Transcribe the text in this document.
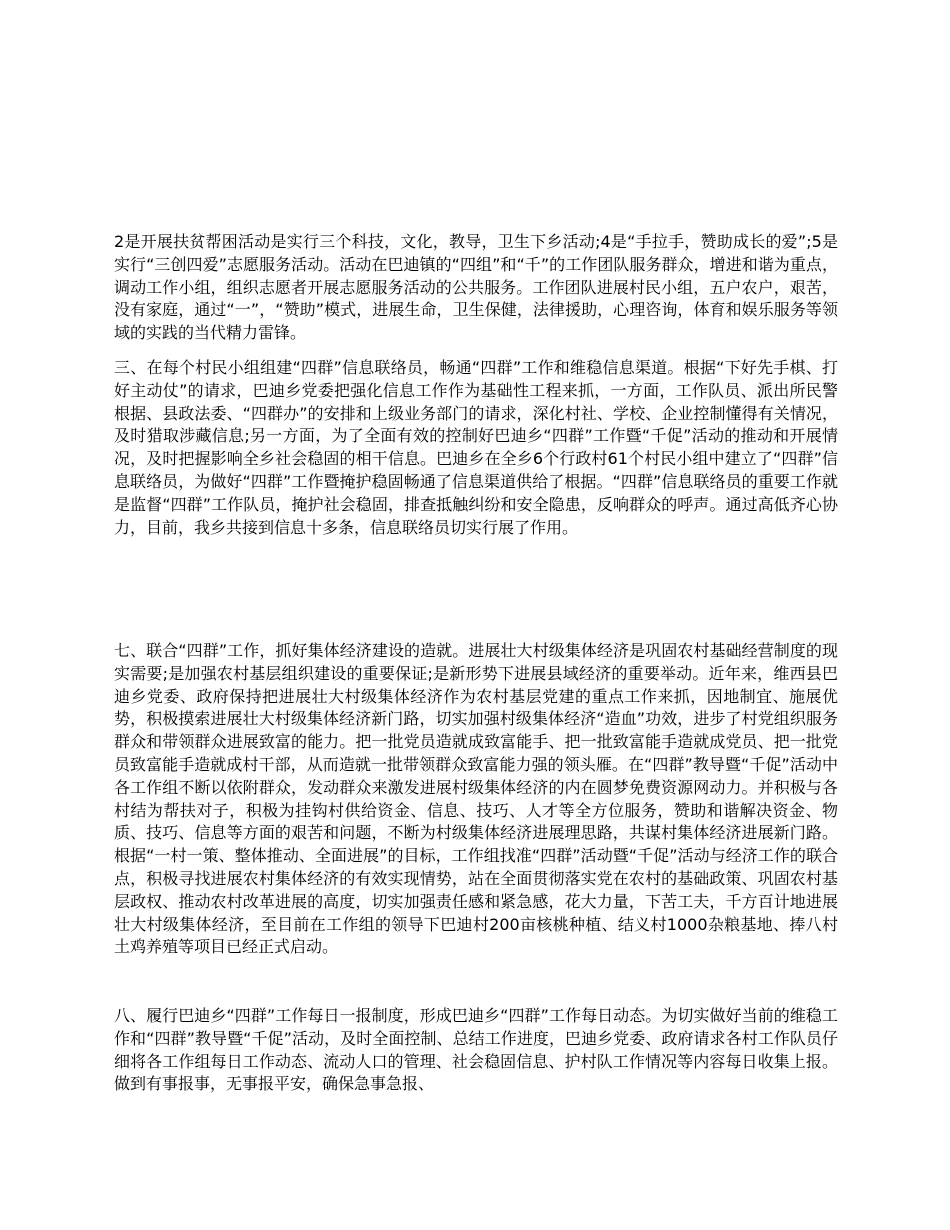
2是开展扶贫帮困活动是实行三个科技，文化，教导，卫生下乡活动;4是“手拉手，赞助成长的爱”;5是实行“三创四爱”志愿服务活动。活动在巴迪镇的“四组”和“千”的工作团队服务群众，增进和谐为重点，调动工作小组，组织志愿者开展志愿服务活动的公共服务。工作团队进展村民小组，五户农户，艰苦，没有家庭，通过“一”，“赞助”模式，进展生命，卫生保健，法律援助，心理咨询，体育和娱乐服务等领域的实践的当代精力雷锋。

三、在每个村民小组组建“四群”信息联络员，畅通“四群”工作和维稳信息渠道。根据“下好先手棋、打好主动仗”的请求，巴迪乡党委把强化信息工作作为基础性工程来抓，一方面，工作队员、派出所民警根据、县政法委、“四群办”的安排和上级业务部门的请求，深化村社、学校、企业控制懂得有关情况，及时猎取涉藏信息;另一方面，为了全面有效的控制好巴迪乡“四群”工作暨“千促”活动的推动和开展情况，及时把握影响全乡社会稳固的相干信息。巴迪乡在全乡6个行政村61个村民小组中建立了“四群”信息联络员，为做好“四群”工作暨掩护稳固畅通了信息渠道供给了根据。“四群”信息联络员的重要工作就是监督“四群”工作队员，掩护社会稳固，排查抵触纠纷和安全隐患，反响群众的呼声。通过高低齐心协力，目前，我乡共接到信息十多条，信息联络员切实行展了作用。

七、联合“四群”工作，抓好集体经济建设的造就。进展壮大村级集体经济是巩固农村基础经营制度的现实需要;是加强农村基层组织建设的重要保证;是新形势下进展县域经济的重要举动。近年来，维西县巴迪乡党委、政府保持把进展壮大村级集体经济作为农村基层党建的重点工作来抓，因地制宜、施展优势，积极摸索进展壮大村级集体经济新门路，切实加强村级集体经济“造血”功效，进步了村党组织服务群众和带领群众进展致富的能力。把一批党员造就成致富能手、把一批致富能手造就成党员、把一批党员致富能手造就成村干部，从而造就一批带领群众致富能力强的领头雁。在“四群”教导暨“千促”活动中各工作组不断以依附群众，发动群众来激发进展村级集体经济的内在圆梦免费资源网动力。并积极与各村结为帮扶对子，积极为挂钩村供给资金、信息、技巧、人才等全方位服务，赞助和谐解决资金、物质、技巧、信息等方面的艰苦和问题，不断为村级集体经济进展理思路，共谋村集体经济进展新门路。根据“一村一策、整体推动、全面进展”的目标，工作组找准“四群”活动暨“千促”活动与经济工作的联合点，积极寻找进展农村集体经济的有效实现情势，站在全面贯彻落实党在农村的基础政策、巩固农村基层政权、推动农村改革进展的高度，切实加强责任感和紧急感，花大力量，下苦工夫，千方百计地进展壮大村级集体经济，至目前在工作组的领导下巴迪村200亩核桃种植、结义村1000杂粮基地、捧八村土鸡养殖等项目已经正式启动。

八、履行巴迪乡“四群”工作每日一报制度，形成巴迪乡“四群”工作每日动态。为切实做好当前的维稳工作和“四群”教导暨“千促”活动，及时全面控制、总结工作进度，巴迪乡党委、政府请求各村工作队员仔细将各工作组每日工作动态、流动人口的管理、社会稳固信息、护村队工作情况等内容每日收集上报。做到有事报事，无事报平安，确保急事急报、
